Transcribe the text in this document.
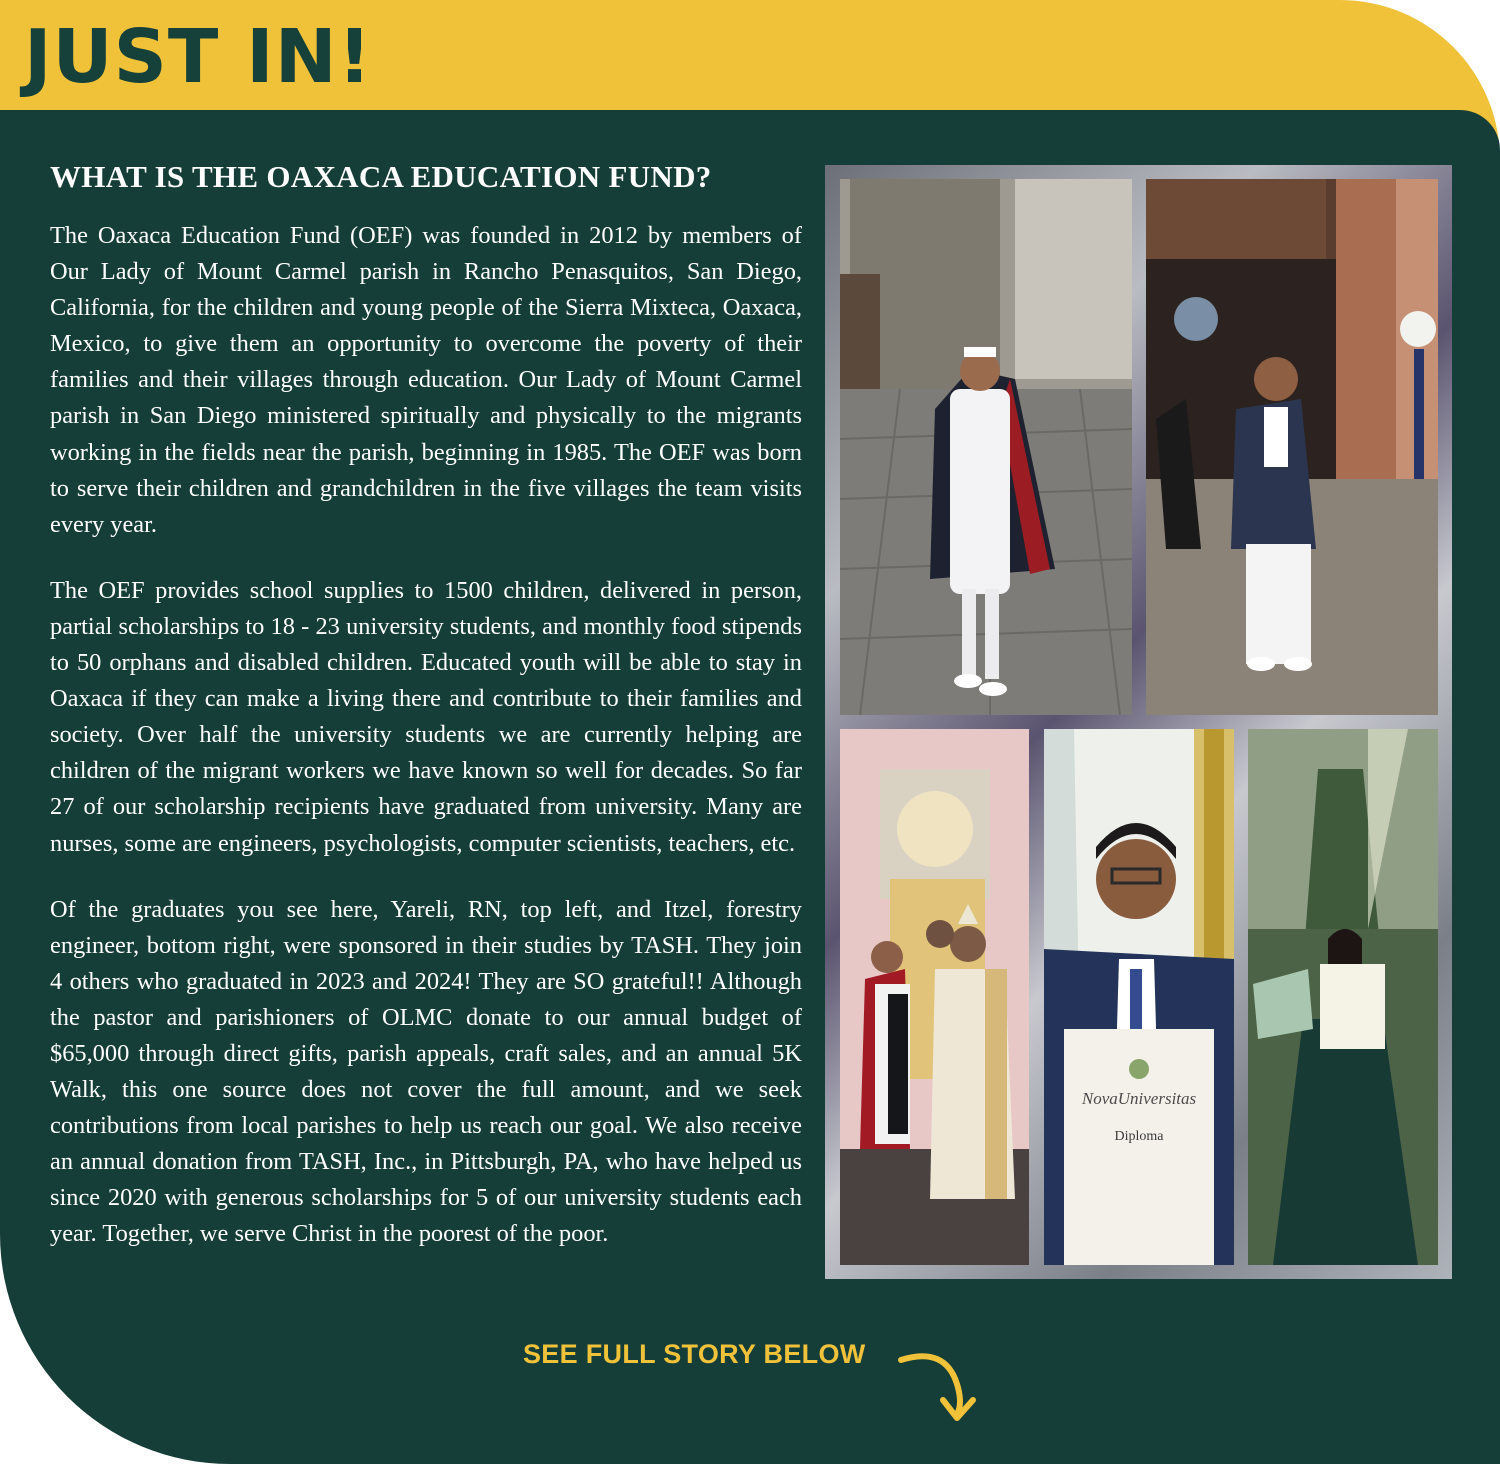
JUST IN!
WHAT IS THE OAXACA EDUCATION FUND?

The Oaxaca Education Fund (OEF) was founded in 2012 by members of Our Lady of Mount Carmel parish in Rancho Penasquitos, San Diego, California, for the children and young people of the Sierra Mixteca, Oaxaca, Mexico, to give them an opportunity to overcome the poverty of their families and their villages through education. Our Lady of Mount Carmel parish in San Diego ministered spiritually and physically to the migrants working in the fields near the parish, beginning in 1985. The OEF was born to serve their children and grandchildren in the five villages the team visits every year.

The OEF provides school supplies to 1500 children, delivered in person, partial scholarships to 18 - 23 university students, and monthly food stipends to 50 orphans and disabled children. Educated youth will be able to stay in Oaxaca if they can make a living there and contribute to their families and society. Over half the university students we are currently helping are children of the migrant workers we have known so well for decades. So far 27 of our scholarship recipients have graduated from university. Many are nurses, some are engineers, psychologists, computer scientists, teachers, etc.

Of the graduates you see here, Yareli, RN, top left, and Itzel, forestry engineer, bottom right, were sponsored in their studies by TASH. They join 4 others who graduated in 2023 and 2024! They are SO grateful!! Although the pastor and parishioners of OLMC donate to our annual budget of $65,000 through direct gifts, parish appeals, craft sales, and an annual 5K Walk, this one source does not cover the full amount, and we seek contributions from local parishes to help us reach our goal. We also receive an annual donation from TASH, Inc., in Pittsburgh, PA, who have helped us since 2020 with generous scholarships for 5 of our university students each year. Together, we serve Christ in the poorest of the poor.

NovaUniversitas
Diploma
SEE FULL STORY BELOW
